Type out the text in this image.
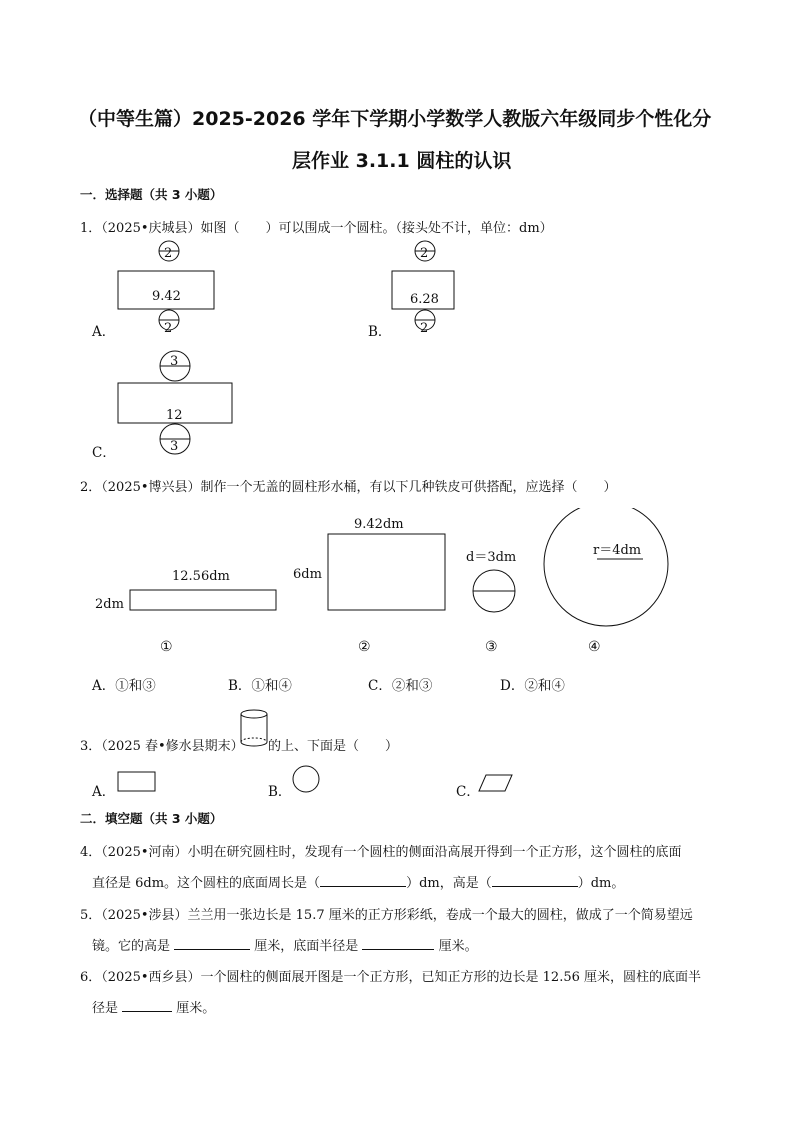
（中等生篇）2025-2026 学年下学期小学数学人教版六年级同步个性化分
层作业 3.1.1 圆柱的认识
一．选择题（共 3 小题）
1．（2025•庆城县）如图（　　）可以围成一个圆柱。（接头处不计，单位：dm）
2
9.42
2
A．
2
6.28
2
B．
3
12
3
C．
2．（2025•博兴县）制作一个无盖的圆柱形水桶，有以下几种铁皮可供搭配，应选择（　　）
12.56dm
2dm
①
9.42dm
6dm
②
d＝3dm
③
r＝4dm
④
A．①和③	B．①和④	C．②和③	D．②和④
3．（2025 春•修水县期末） 的上、下面是（　　）
A．	B．	C．
二．填空题（共 3 小题）
4．（2025•河南）小明在研究圆柱时，发现有一个圆柱的侧面沿高展开得到一个正方形，这个圆柱的底面
直径是 6dm。这个圆柱的底面周长是（	）dm，高是（	）dm。
5．（2025•涉县）兰兰用一张边长是 15.7 厘米的正方形彩纸，卷成一个最大的圆柱，做成了一个简易望远
镜。它的高是	厘米，底面半径是	厘米。
6．（2025•西乡县）一个圆柱的侧面展开图是一个正方形，已知正方形的边长是 12.56 厘米，圆柱的底面半
径是	厘米。
